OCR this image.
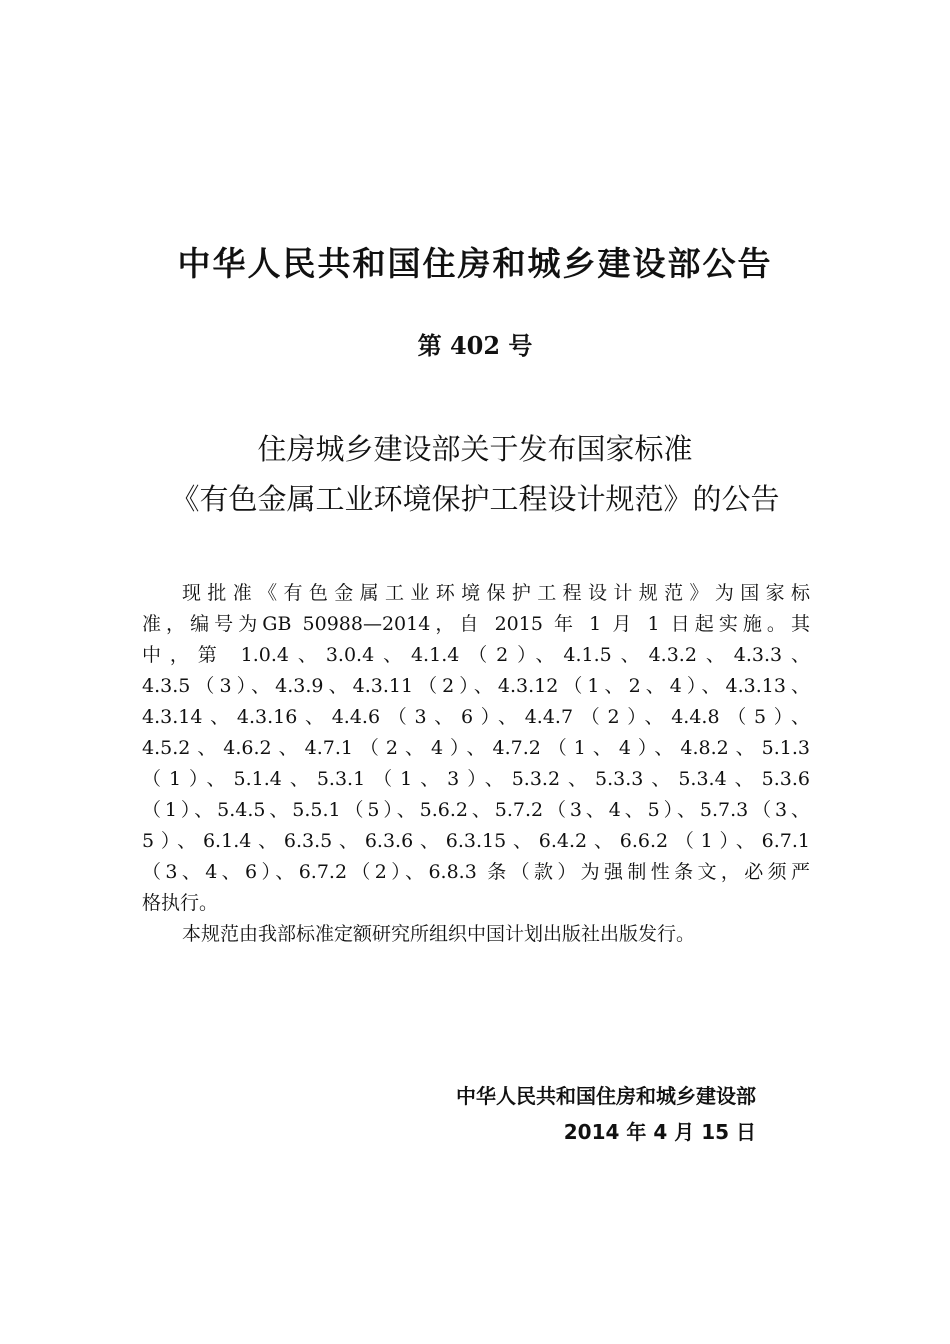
中华人民共和国住房和城乡建设部公告
第 402 号
住房城乡建设部关于发布国家标准
《有色金属工业环境保护工程设计规范》的公告
现批准《有色金属工业环境保护工程设计规范》为国家标
准，编号为GB 50988—2014，自 2015 年 1 月 1 日起实施。其
中，第 1.0.4、3.0.4、4.1.4（2）、4.1.5、4.3.2、4.3.3、
4.3.5（3）、4.3.9、4.3.11（2）、4.3.12（1、2、4）、4.3.13、
4.3.14、4.3.16、4.4.6（3、6）、4.4.7（2）、4.4.8（5）、
4.5.2、4.6.2、4.7.1（2、4）、4.7.2（1、4）、4.8.2、5.1.3
（1）、5.1.4、5.3.1（1、3）、5.3.2、5.3.3、5.3.4、5.3.6
（1）、5.4.5、5.5.1（5）、5.6.2、5.7.2（3、4、5）、5.7.3（3、
5）、6.1.4、6.3.5、6.3.6、6.3.15、6.4.2、6.6.2（1）、6.7.1
（3、4、6）、6.7.2（2）、6.8.3 条（款）为强制性条文，必须严
格执行。
本规范由我部标准定额研究所组织中国计划出版社出版发行。
中华人民共和国住房和城乡建设部
2014 年 4 月 15 日
